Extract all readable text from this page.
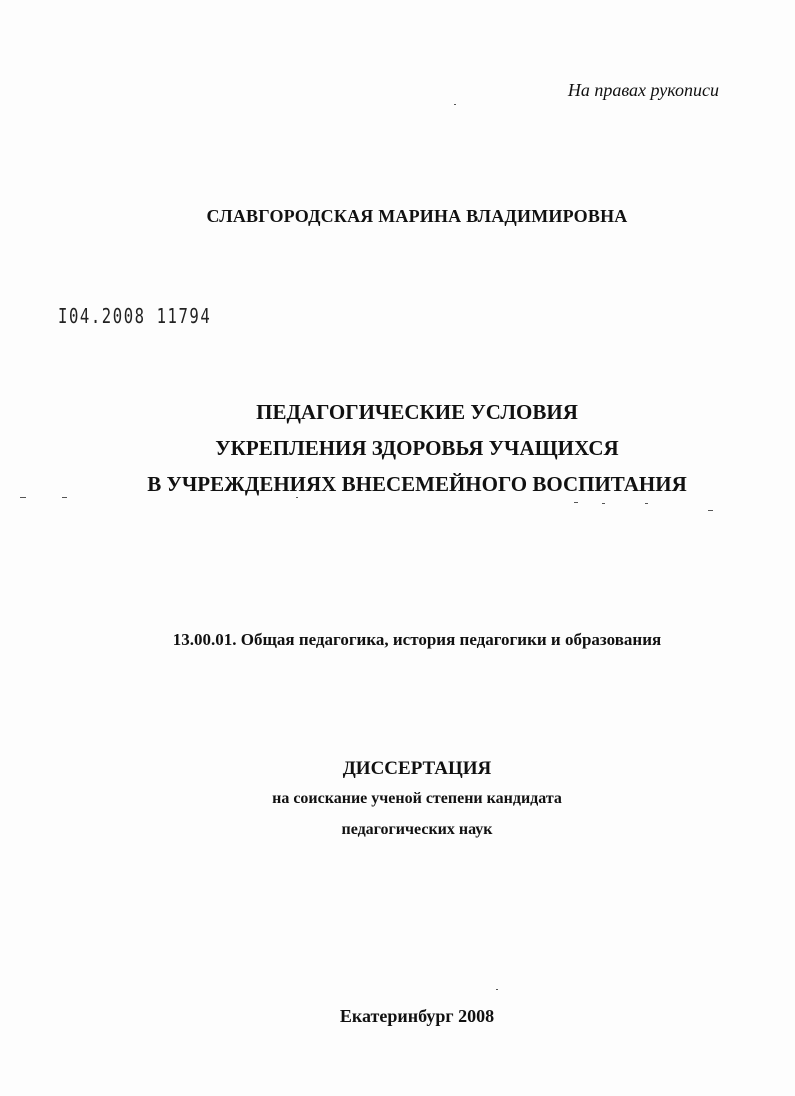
На правах рукописи
СЛАВГОРОДСКАЯ МАРИНА ВЛАДИМИРОВНА
I04.2008 11794
ПЕДАГОГИЧЕСКИЕ УСЛОВИЯ
УКРЕПЛЕНИЯ ЗДОРОВЬЯ УЧАЩИХСЯ
В УЧРЕЖДЕНИЯХ ВНЕСЕМЕЙНОГО ВОСПИТАНИЯ
13.00.01. Общая педагогика, история педагогики и образования
ДИССЕРТАЦИЯ
на соискание ученой степени кандидата
педагогических наук
Екатеринбург 2008
